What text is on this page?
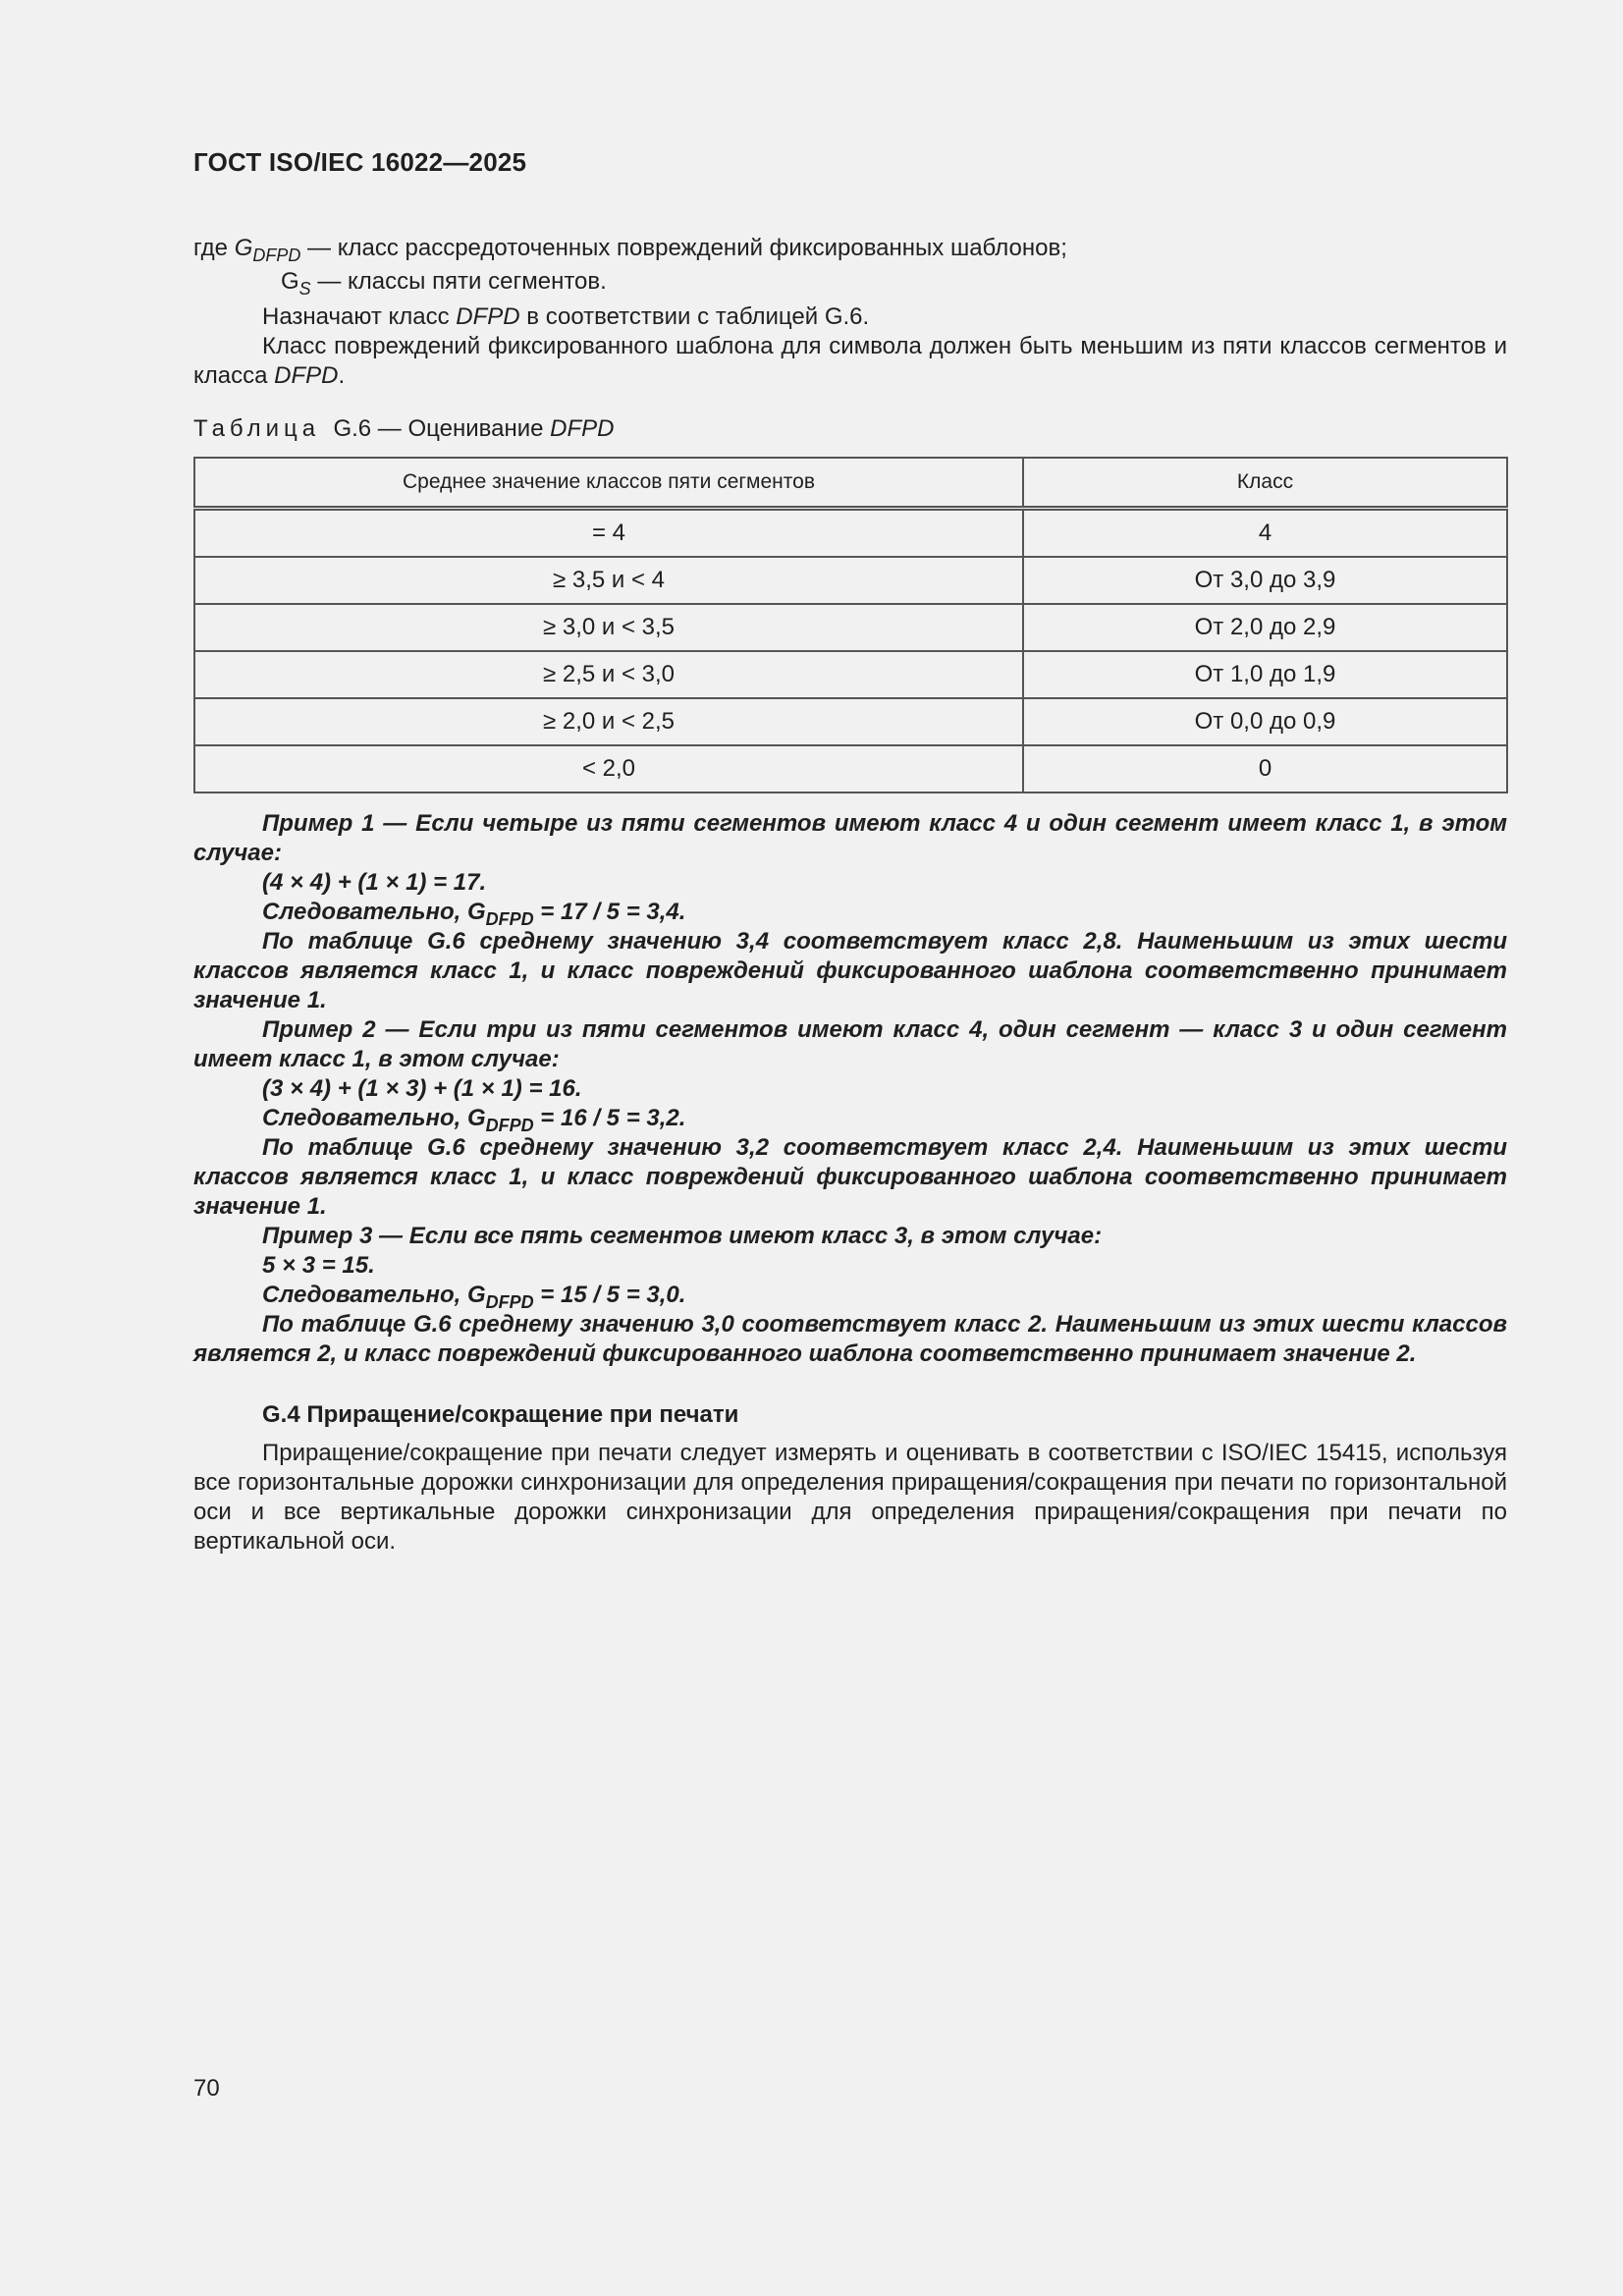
ГОСТ ISO/IEC 16022—2025
где $G_{DFPD}$ — класс рассредоточенных повреждений фиксированных шаблонов;
$G_S$ — классы пяти сегментов.
Назначают класс DFPD в соответствии с таблицей G.6.
Класс повреждений фиксированного шаблона для символа должен быть меньшим из пяти классов сегментов и класса DFPD.
Таблица G.6 — Оценивание DFPD
Среднее значение классов пяти сегментов	Класс
= 4	4
≥ 3,5 и < 4	От 3,0 до 3,9
≥ 3,0 и < 3,5	От 2,0 до 2,9
≥ 2,5 и < 3,0	От 1,0 до 1,9
≥ 2,0 и < 2,5	От 0,0 до 0,9
< 2,0	0

Пример 1 — Если четыре из пяти сегментов имеют класс 4 и один сегмент имеет класс 1, в этом случае:

(4 × 4) + (1 × 1) = 17.

Следовательно, $G_{DFPD} = 17 / 5 = 3,4$.

По таблице G.6 среднему значению 3,4 соответствует класс 2,8. Наименьшим из этих шести классов является класс 1, и класс повреждений фиксированного шаблона соответственно принимает значение 1.

Пример 2 — Если три из пяти сегментов имеют класс 4, один сегмент — класс 3 и один сегмент имеет класс 1, в этом случае:

(3 × 4) + (1 × 3) + (1 × 1) = 16.

Следовательно, $G_{DFPD} = 16 / 5 = 3,2$.

По таблице G.6 среднему значению 3,2 соответствует класс 2,4. Наименьшим из этих шести классов является класс 1, и класс повреждений фиксированного шаблона соответственно принимает значение 1.

Пример 3 — Если все пять сегментов имеют класс 3, в этом случае:

5 × 3 = 15.

Следовательно, $G_{DFPD} = 15 / 5 = 3,0$.

По таблице G.6 среднему значению 3,0 соответствует класс 2. Наименьшим из этих шести классов является 2, и класс повреждений фиксированного шаблона соответственно принимает значение 2.

G.4 Приращение/сокращение при печати
Приращение/сокращение при печати следует измерять и оценивать в соответствии с ISO/IEC 15415, используя все горизонтальные дорожки синхронизации для определения приращения/сокращения при печати по горизонтальной оси и все вертикальные дорожки синхронизации для определения приращения/сокращения при печати по вертикальной оси.
70
